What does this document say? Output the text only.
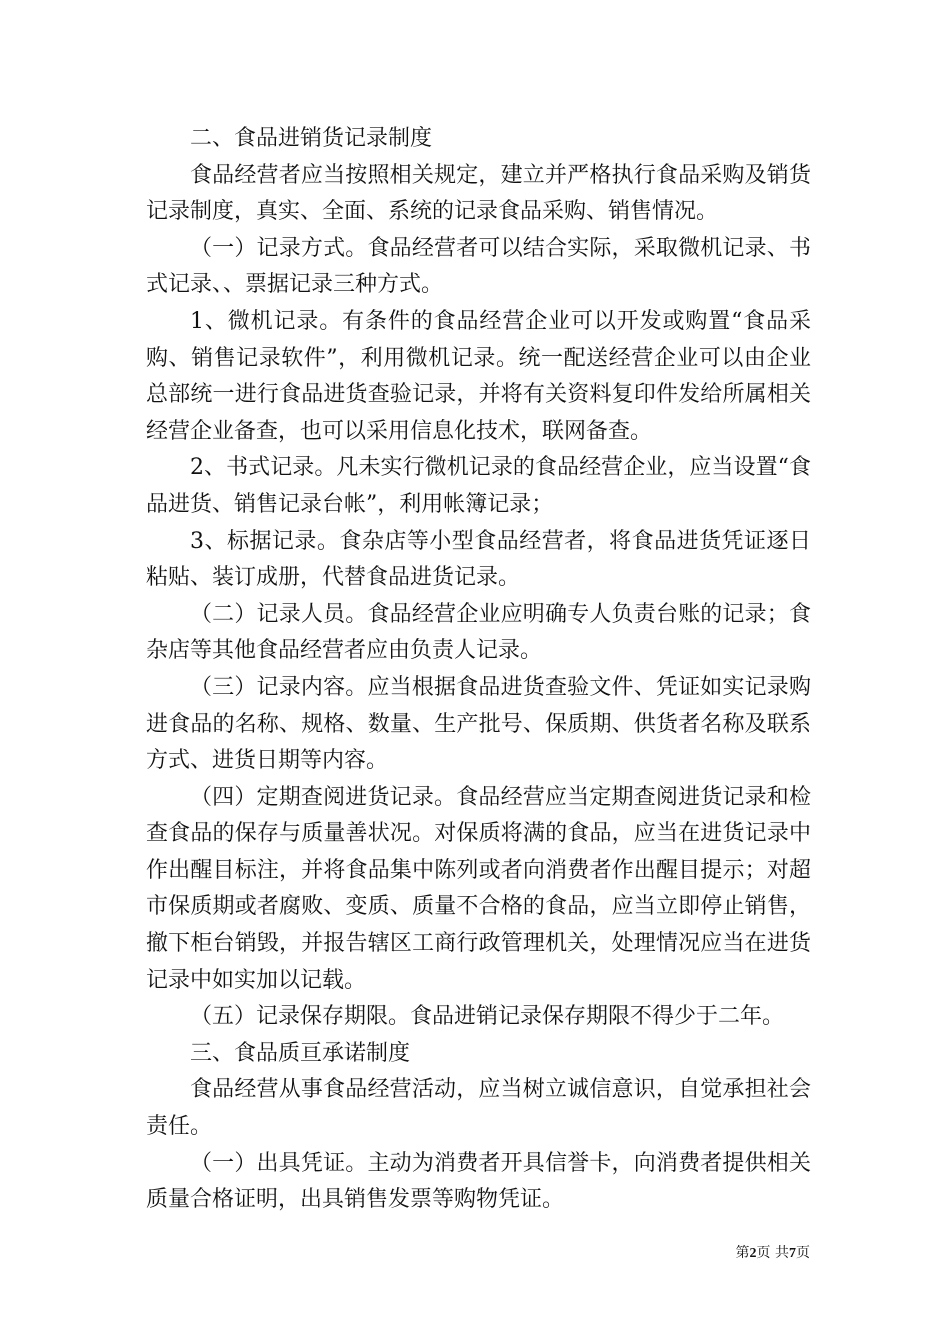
二、食品进销货记录制度

食品经营者应当按照相关规定，建立并严格执行食品采购及销货记录制度，真实、全面、系统的记录食品采购、销售情况。

（一）记录方式。食品经营者可以结合实际，采取微机记录、书式记录、、票据记录三种方式。

1、微机记录。有条件的食品经营企业可以开发或购置“食品采购、销售记录软件”，利用微机记录。统一配送经营企业可以由企业总部统一进行食品进货查验记录，并将有关资料复印件发给所属相关经营企业备查，也可以采用信息化技术，联网备查。

2、书式记录。凡未实行微机记录的食品经营企业，应当设置“食品进货、销售记录台帐”，利用帐簿记录；

3、标据记录。食杂店等小型食品经营者，将食品进货凭证逐日粘贴、装订成册，代替食品进货记录。

（二）记录人员。食品经营企业应明确专人负责台账的记录；食杂店等其他食品经营者应由负责人记录。

（三）记录内容。应当根据食品进货查验文件、凭证如实记录购进食品的名称、规格、数量、生产批号、保质期、供货者名称及联系方式、进货日期等内容。

（四）定期查阅进货记录。食品经营应当定期查阅进货记录和检查食品的保存与质量善状况。对保质将满的食品，应当在进货记录中作出醒目标注，并将食品集中陈列或者向消费者作出醒目提示；对超市保质期或者腐败、变质、质量不合格的食品，应当立即停止销售，撤下柜台销毁，并报告辖区工商行政管理机关，处理情况应当在进货记录中如实加以记载。

（五）记录保存期限。食品进销记录保存期限不得少于二年。

三、食品质亘承诺制度

食品经营从事食品经营活动，应当树立诚信意识，自觉承担社会责任。

（一）出具凭证。主动为消费者开具信誉卡，向消费者提供相关质量合格证明，出具销售发票等购物凭证。

第2页 共7页
